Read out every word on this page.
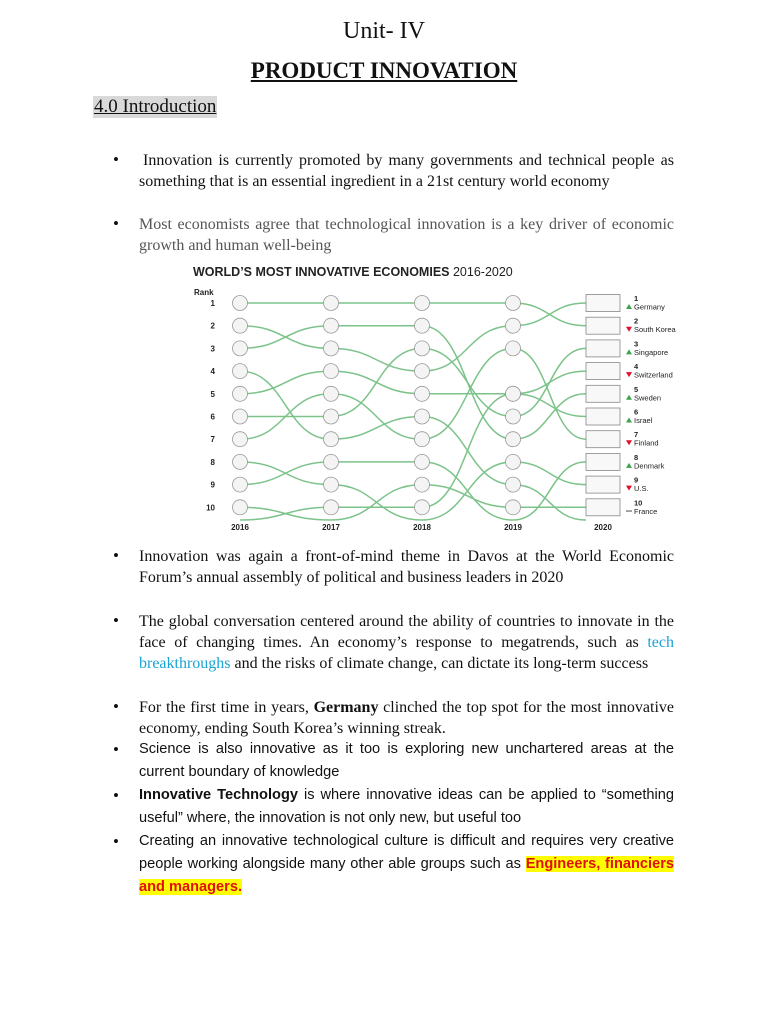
Unit- IV
PRODUCT INNOVATION
4.0 Introduction
• Innovation is currently promoted by many governments and technical people as something that is an essential ingredient in a 21st century world economy
• Most economists agree that technological innovation is a key driver of economic growth and human well-being
WORLD’S MOST INNOVATIVE ECONOMIES 2016-2020
Rank
1
2
3
4
5
6
7
8
9
10
2016	2017	2018	2019	2020
1
Germany
2
South Korea
3
Singapore
4
Switzerland
5
Sweden
6
Israel
7
Finland
8
Denmark
9
U.S.
10
France
• Innovation was again a front-of-mind theme in Davos at the World Economic Forum’s annual assembly of political and business leaders in 2020
• The global conversation centered around the ability of countries to innovate in the face of changing times. An economy’s response to megatrends, such as tech breakthroughs and the risks of climate change, can dictate its long-term success
• For the first time in years, Germany clinched the top spot for the most innovative economy, ending South Korea’s winning streak.
• Science is also innovative as it too is exploring new unchartered areas at the current boundary of knowledge
• Innovative Technology is where innovative ideas can be applied to “something useful” where, the innovation is not only new, but useful too
• Creating an innovative technological culture is difficult and requires very creative people working alongside many other able groups such as Engineers, financiers and managers.
